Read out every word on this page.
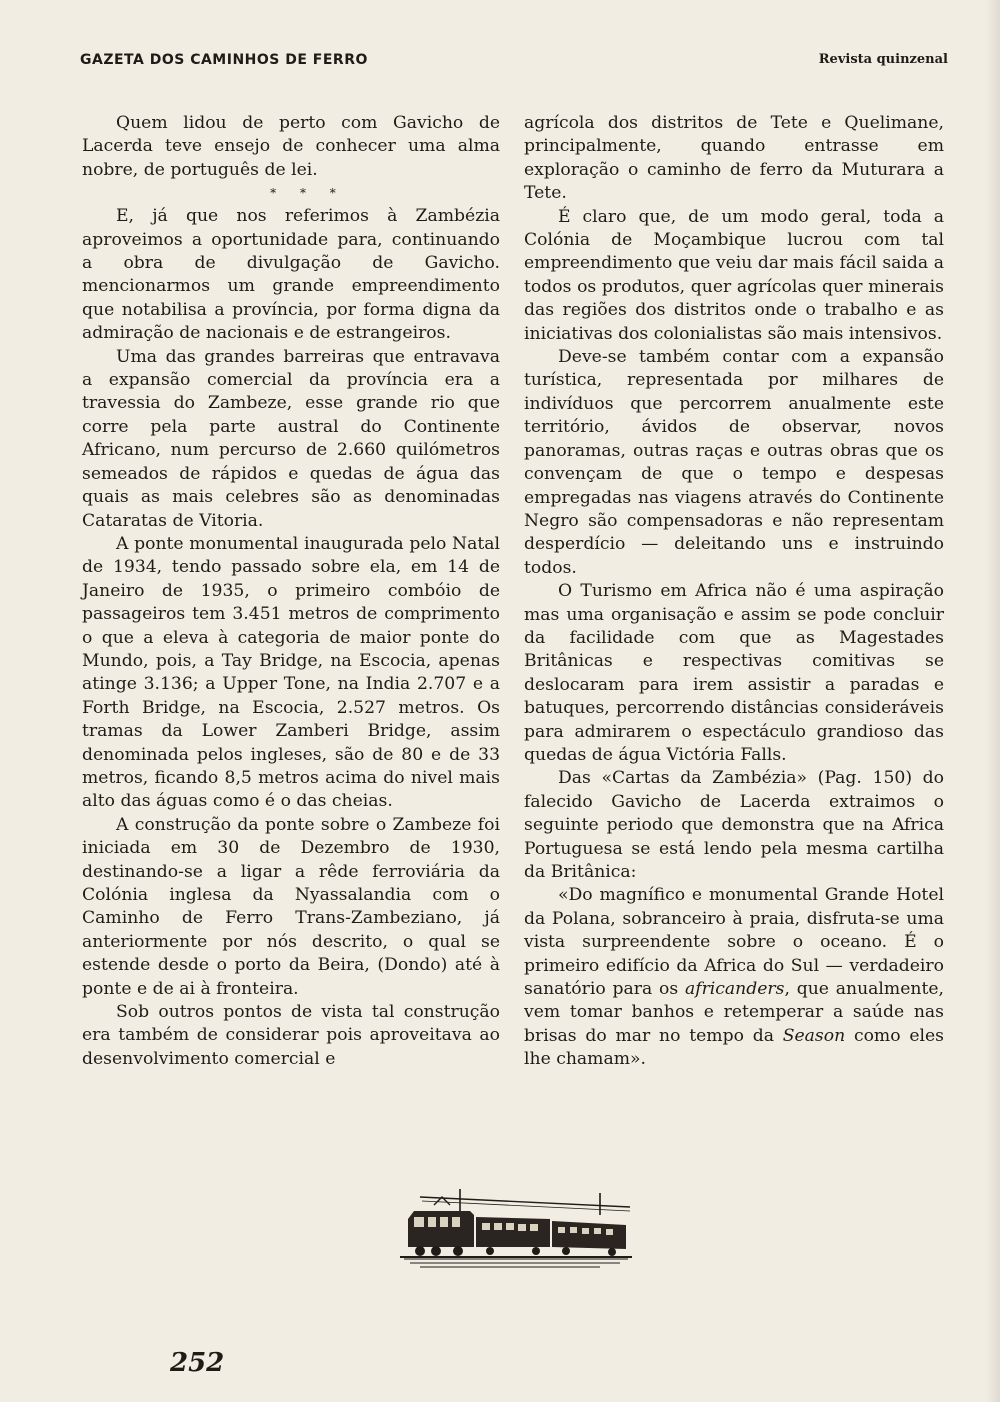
GAZETA DOS CAMINHOS DE FERRO	Revista quinzenal

Quem lidou de perto com Gavicho de Lacerda teve ensejo de conhecer uma alma nobre, de português de lei.

* * *

E, já que nos referimos à Zambézia aproveimos a oportunidade para, continuando a obra de divulgação de Gavicho. mencionarmos um grande empreendimento que notabilisa a província, por forma digna da admiração de nacionais e de estrangeiros.

Uma das grandes barreiras que entravava a expansão comercial da província era a travessia do Zambeze, esse grande rio que corre pela parte austral do Continente Africano, num percurso de 2.660 quilómetros semeados de rápidos e quedas de água das quais as mais celebres são as denominadas Cataratas de Vitoria.

A ponte monumental inaugurada pelo Natal de 1934, tendo passado sobre ela, em 14 de Janeiro de 1935, o primeiro combóio de passageiros tem 3.451 metros de comprimento o que a eleva à categoria de maior ponte do Mundo, pois, a Tay Bridge, na Escocia, apenas atinge 3.136; a Upper Tone, na India 2.707 e a Forth Bridge, na Escocia, 2.527 metros. Os tramas da Lower Zamberi Bridge, assim denominada pelos ingleses, são de 80 e de 33 metros, ficando 8,5 metros acima do nivel mais alto das águas como é o das cheias.

A construção da ponte sobre o Zambeze foi iniciada em 30 de Dezembro de 1930, destinando-se a ligar a rêde ferroviária da Colónia inglesa da Nyassalandia com o Caminho de Ferro Trans-Zambeziano, já anteriormente por nós descrito, o qual se estende desde o porto da Beira, (Dondo) até à ponte e de ai à fronteira.

Sob outros pontos de vista tal construção era também de considerar pois aproveitava ao desenvolvimento comercial e

agrícola dos distritos de Tete e Quelimane, principalmente, quando entrasse em exploração o caminho de ferro da Muturara a Tete.

É claro que, de um modo geral, toda a Colónia de Moçambique lucrou com tal empreendimento que veiu dar mais fácil saida a todos os produtos, quer agrícolas quer minerais das regiões dos distritos onde o trabalho e as iniciativas dos colonialistas são mais intensivos.

Deve-se também contar com a expansão turística, representada por milhares de indivíduos que percorrem anualmente este território, ávidos de observar, novos panoramas, outras raças e outras obras que os convençam de que o tempo e despesas empregadas nas viagens através do Continente Negro são compensadoras e não representam desperdício — deleitando uns e instruindo todos.

O Turismo em Africa não é uma aspiração mas uma organisação e assim se pode concluir da facilidade com que as Magestades Britânicas e respectivas comitivas se deslocaram para irem assistir a paradas e batuques, percorrendo distâncias consideráveis para admirarem o espectáculo grandioso das quedas de água Victória Falls.

Das «Cartas da Zambézia» (Pag. 150) do falecido Gavicho de Lacerda extraimos o seguinte periodo que demonstra que na Africa Portuguesa se está lendo pela mesma cartilha da Britânica:

«Do magnífico e monumental Grande Hotel da Polana, sobranceiro à praia, disfruta-se uma vista surpreendente sobre o oceano. É o primeiro edifício da Africa do Sul — verdadeiro sanatório para os africanders, que anualmente, vem tomar banhos e retemperar a saúde nas brisas do mar no tempo da Season como eles lhe chamam».

252
